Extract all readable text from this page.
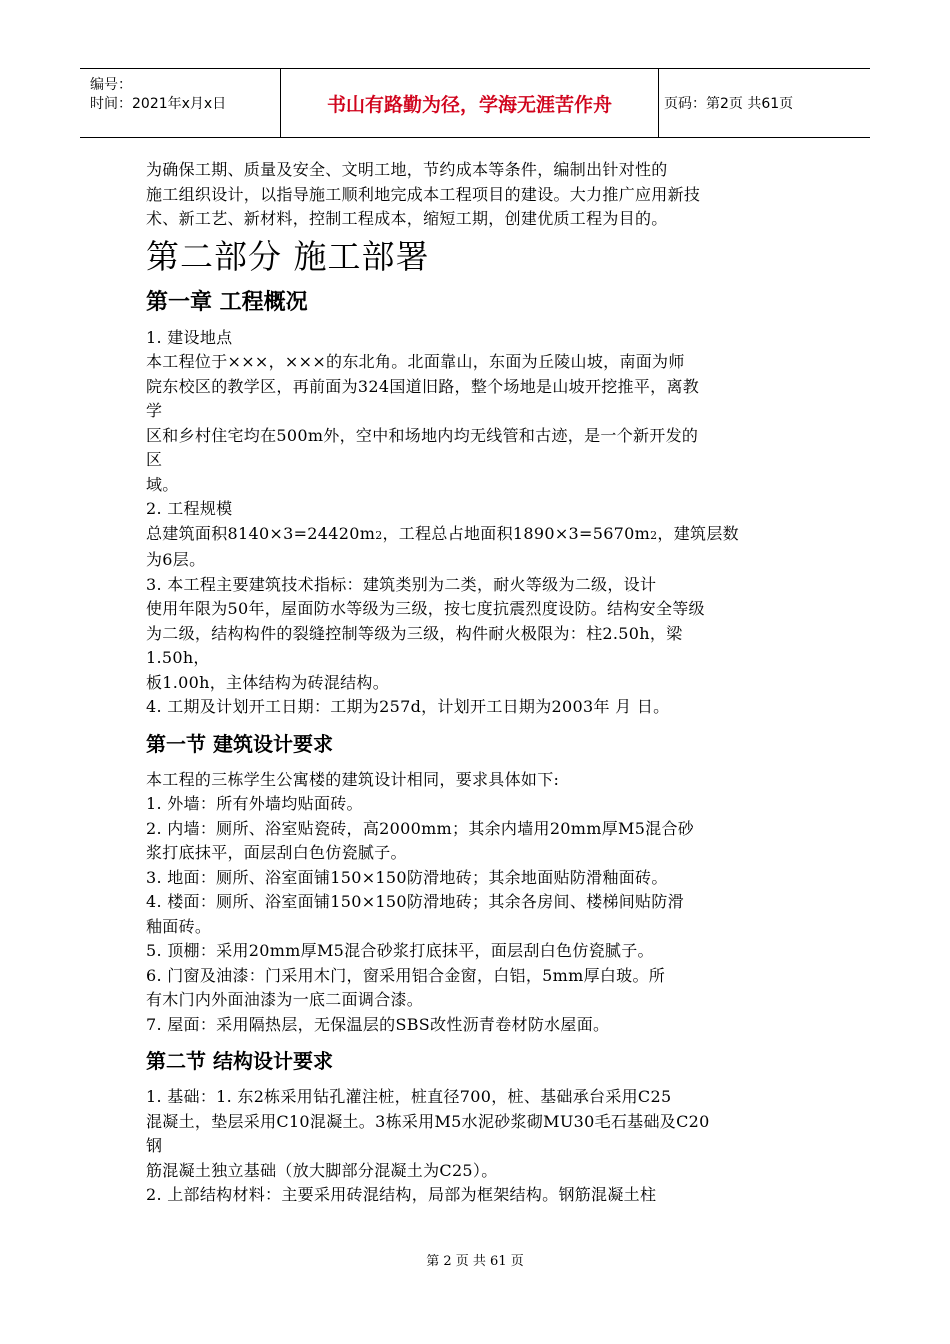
编号：
时间：2021年x月x日	书山有路勤为径，学海无涯苦作舟	页码：第2页 共61页
为确保工期、质量及安全、文明工地，节约成本等条件，编制出针对性的
施工组织设计，以指导施工顺利地完成本工程项目的建设。大力推广应用新技
术、新工艺、新材料，控制工程成本，缩短工期，创建优质工程为目的。
第二部分 施工部署
第一章 工程概况
1. 建设地点
本工程位于×××，×××的东北角。北面靠山，东面为丘陵山坡，南面为师
院东校区的教学区，再前面为324国道旧路，整个场地是山坡开挖推平，离教
学
区和乡村住宅均在500m外，空中和场地内均无线管和古迹，是一个新开发的
区
域。
2. 工程规模
总建筑面积8140×3=24420m2，工程总占地面积1890×3=5670m2，建筑层数
为6层。
3. 本工程主要建筑技术指标：建筑类别为二类，耐火等级为二级，设计
使用年限为50年，屋面防水等级为三级，按七度抗震烈度设防。结构安全等级
为二级，结构构件的裂缝控制等级为三级，构件耐火极限为：柱2.50h，梁
1.50h，
板1.00h，主体结构为砖混结构。
4. 工期及计划开工日期：工期为257d，计划开工日期为2003年 月 日。
第一节 建筑设计要求
本工程的三栋学生公寓楼的建筑设计相同，要求具体如下:
1. 外墙：所有外墙均贴面砖。
2. 内墙：厕所、浴室贴瓷砖，高2000mm；其余内墙用20mm厚M5混合砂
浆打底抹平，面层刮白色仿瓷腻子。
3. 地面：厕所、浴室面铺150×150防滑地砖；其余地面贴防滑釉面砖。
4. 楼面：厕所、浴室面铺150×150防滑地砖；其余各房间、楼梯间贴防滑
釉面砖。
5. 顶棚：采用20mm厚M5混合砂浆打底抹平，面层刮白色仿瓷腻子。
6. 门窗及油漆：门采用木门，窗采用铝合金窗，白铝，5mm厚白玻。所
有木门内外面油漆为一底二面调合漆。
7. 屋面：采用隔热层，无保温层的SBS改性沥青卷材防水屋面。
第二节 结构设计要求
1. 基础：1. 东2栋采用钻孔灌注桩，桩直径700，桩、基础承台采用C25
混凝土，垫层采用C10混凝土。3栋采用M5水泥砂浆砌MU30毛石基础及C20
钢
筋混凝土独立基础（放大脚部分混凝土为C25）。
2. 上部结构材料：主要采用砖混结构，局部为框架结构。钢筋混凝土柱
第 2 页 共 61 页
